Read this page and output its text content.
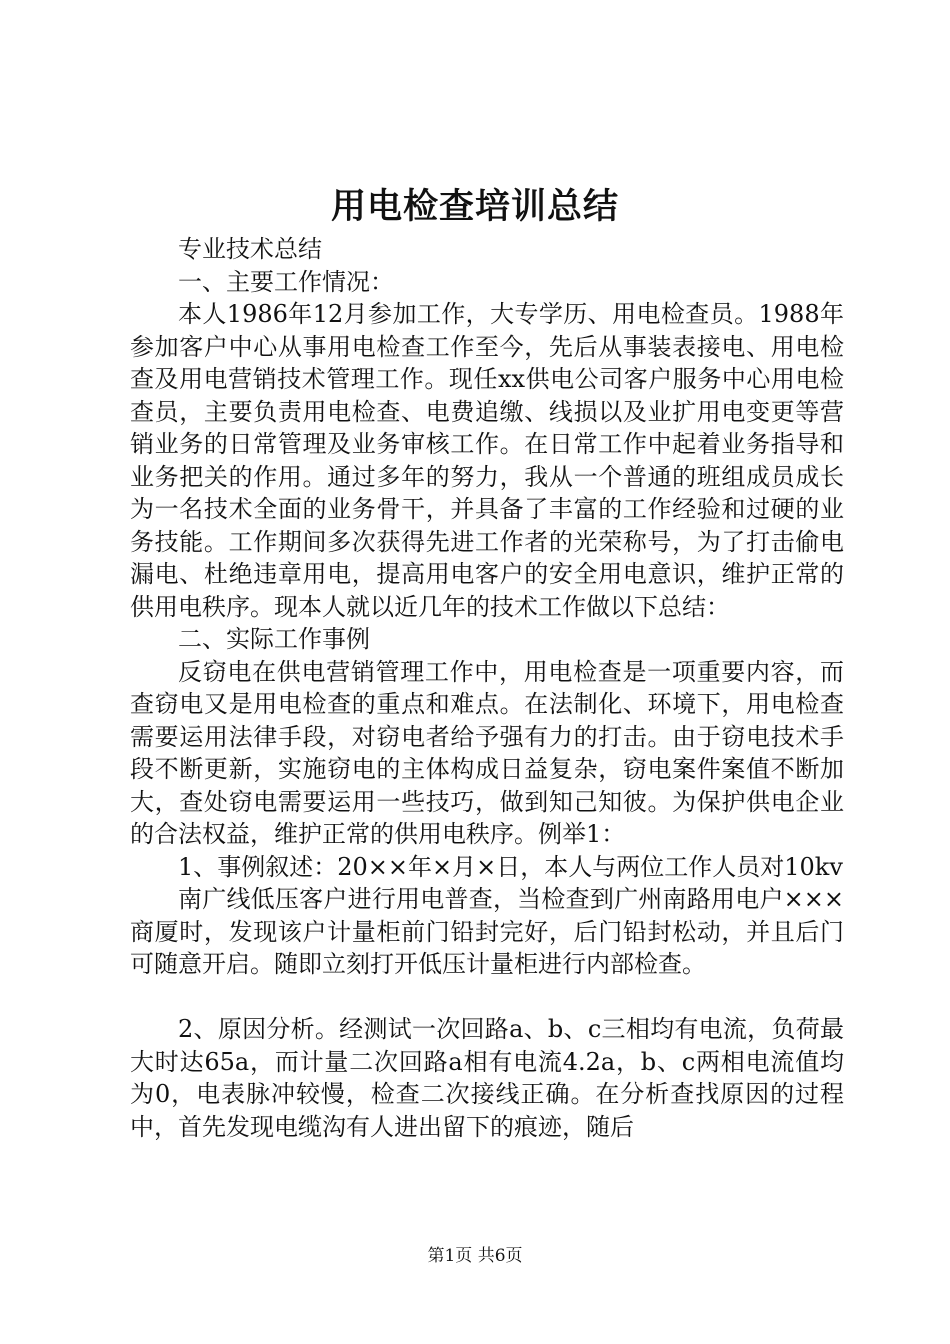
用电检查培训总结

专业技术总结

一、主要工作情况：

本人1986年12月参加工作，大专学历、用电检查员。1988年参加客户中心从事用电检查工作至今，先后从事装表接电、用电检查及用电营销技术管理工作。现任xx供电公司客户服务中心用电检查员，主要负责用电检查、电费追缴、线损以及业扩用电变更等营销业务的日常管理及业务审核工作。在日常工作中起着业务指导和业务把关的作用。通过多年的努力，我从一个普通的班组成员成长为一名技术全面的业务骨干，并具备了丰富的工作经验和过硬的业务技能。工作期间多次获得先进工作者的光荣称号，为了打击偷电漏电、杜绝违章用电，提高用电客户的安全用电意识，维护正常的供用电秩序。现本人就以近几年的技术工作做以下总结：

二、实际工作事例

反窃电在供电营销管理工作中，用电检查是一项重要内容，而查窃电又是用电检查的重点和难点。在法制化、环境下，用电检查需要运用法律手段，对窃电者给予强有力的打击。由于窃电技术手段不断更新，实施窃电的主体构成日益复杂，窃电案件案值不断加大，查处窃电需要运用一些技巧，做到知己知彼。为保护供电企业的合法权益，维护正常的供用电秩序。例举1：

1、事例叙述：20××年×月×日，本人与两位工作人员对10kv

南广线低压客户进行用电普查，当检查到广州南路用电户×××商厦时，发现该户计量柜前门铅封完好，后门铅封松动，并且后门可随意开启。随即立刻打开低压计量柜进行内部检查。

2、原因分析。经测试一次回路a、b、c三相均有电流，负荷最大时达65a，而计量二次回路a相有电流4.2a，b、c两相电流值均为0，电表脉冲较慢，检查二次接线正确。在分析查找原因的过程中，首先发现电缆沟有人进出留下的痕迹，随后

第1页 共6页
